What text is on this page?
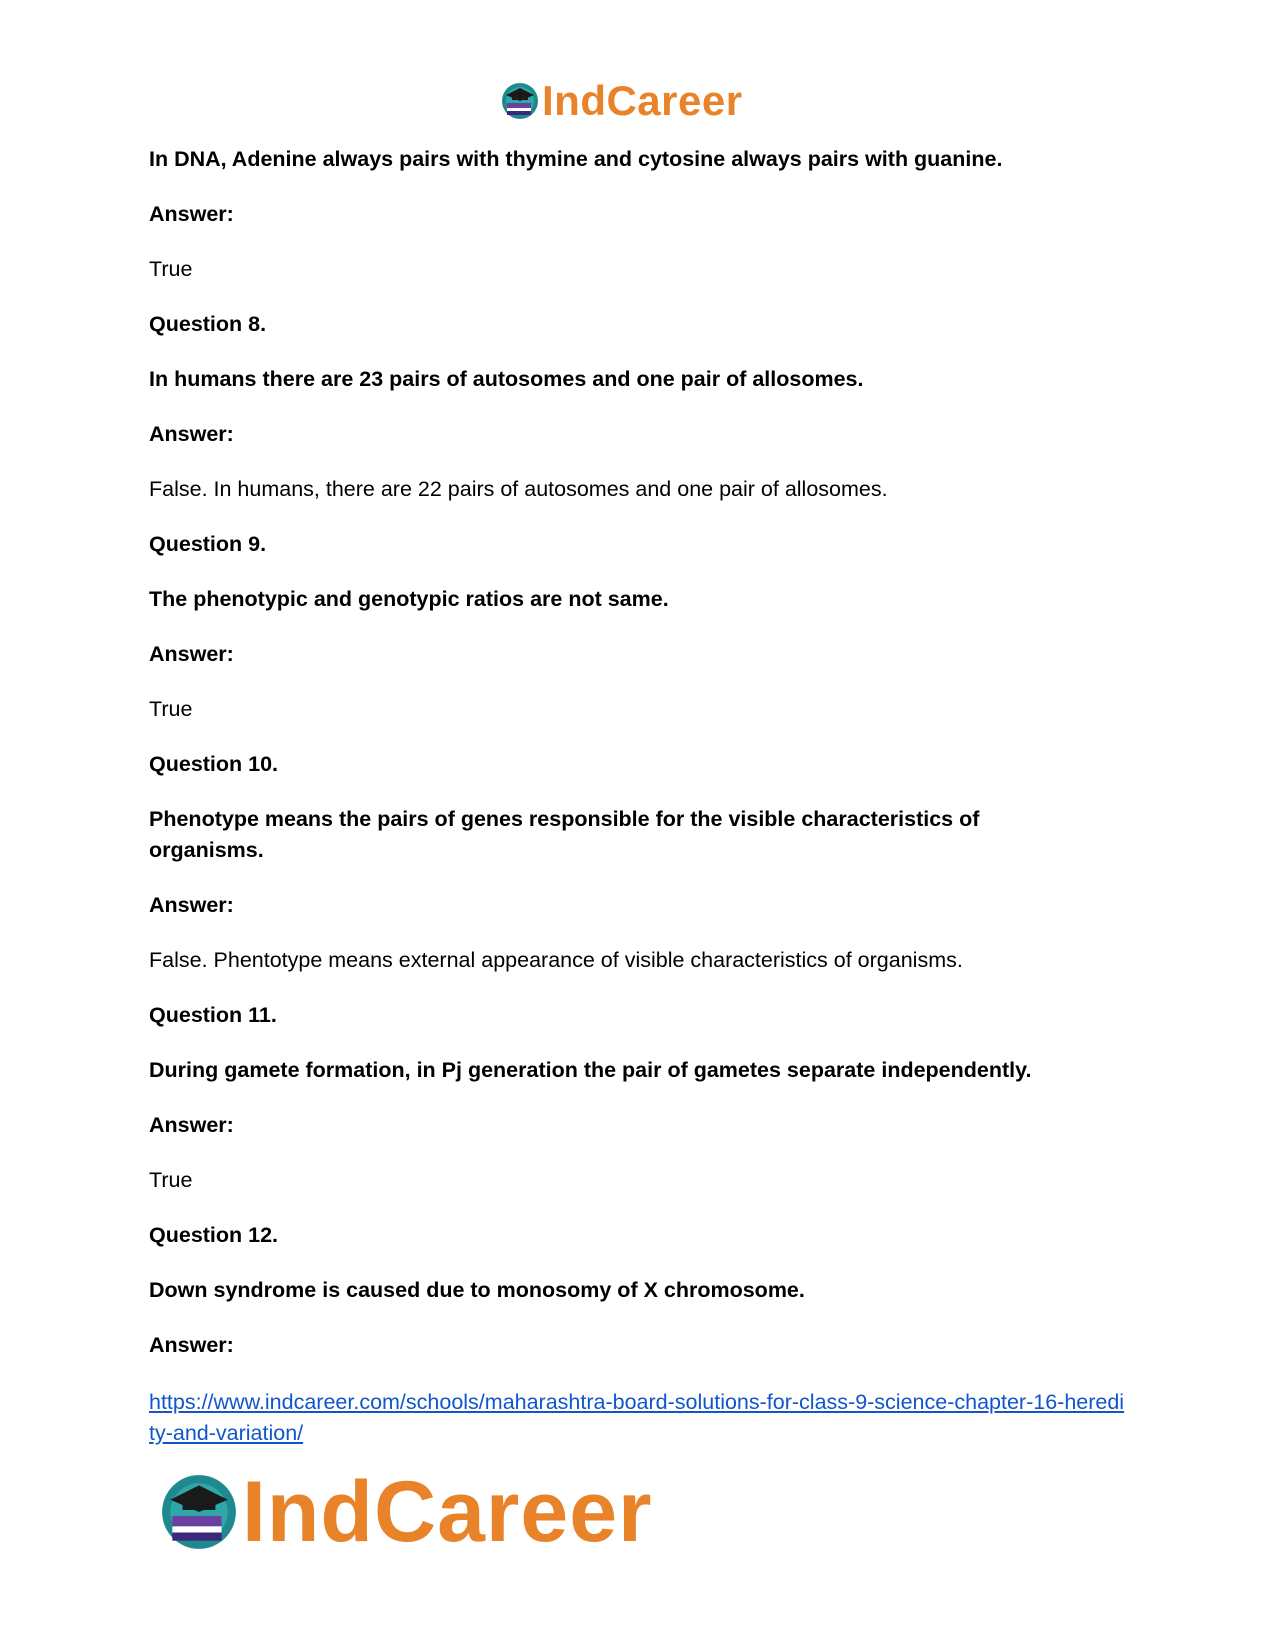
IndCareer

In DNA, Adenine always pairs with thymine and cytosine always pairs with guanine.

Answer:

True

Question 8.

In humans there are 23 pairs of autosomes and one pair of allosomes.

Answer:

False. In humans, there are 22 pairs of autosomes and one pair of allosomes.

Question 9.

The phenotypic and genotypic ratios are not same.

Answer:

True

Question 10.

Phenotype means the pairs of genes responsible for the visible characteristics of organisms.

Answer:

False. Phentotype means external appearance of visible characteristics of organisms.

Question 11.

During gamete formation, in Pj generation the pair of gametes separate independently.

Answer:

True

Question 12.

Down syndrome is caused due to monosomy of X chromosome.

Answer:

https://www.indcareer.com/schools/maharashtra-board-solutions-for-class-9-science-chapter-16-heredity-and-variation/

IndCareer
